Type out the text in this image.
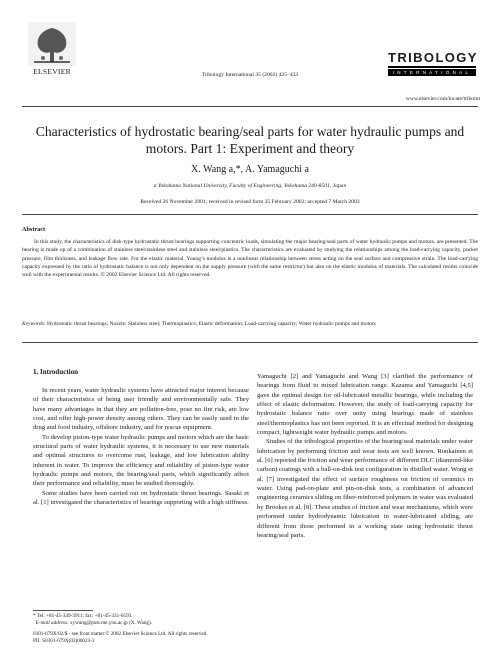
ELSEVIER	Tribology International 35 (2002) 425–433
TRIBOLOGY
INTERNATIONAL
www.elsevier.com/locate/triboint
Characteristics of hydrostatic bearing/seal parts for water hydraulic pumps and motors. Part 1: Experiment and theory
X. Wang a,*, A. Yamaguchi a
a Yokohama National University, Faculty of Engineering, Yokohama 240-8501, Japan
Received 26 November 2001; received in revised form 25 February 2002; accepted 7 March 2002
Abstract
In this study, the characteristics of disk-type hydrostatic thrust bearings supporting concentric loads, simulating the major bearing/seal parts of water hydraulic pumps and motors, are presented. The bearing is made up of a combination of stainless steel/stainless steel and stainless steel/plastics. The characteristics are evaluated by studying the relationships among the load-carrying capacity, pocket pressure, film thickness, and leakage flow rate. For the elastic material, Young’s modulus is a nonlinear relationship between stress acting on the seal surface and compressive strain. The load-carrying capacity expressed by the ratio of hydrostatic balance is not only dependent on the supply pressure (with the same restrictor) but also on the elastic modulus of materials. The calculated results coincide well with the experimental results. © 2002 Elsevier Science Ltd. All rights reserved.
Keywords: Hydrostatic thrust bearings; Nozzle; Stainless steel; Thermoplastics; Elastic deformation; Load-carrying capacity; Water hydraulic pumps and motors
1. Introduction

In recent years, water hydraulic systems have attracted major interest because of their characteristics of being user friendly and environmentally safe. They have many advantages in that they are pollution-free, pose no fire risk, are low cost, and offer high-power density among others. They can be easily used in the drug and food industry, offshore industry, and for rescue equipment.

To develop piston-type water hydraulic pumps and motors which are the basic structural parts of water hydraulic systems, it is necessary to use new materials and optimal structures to overcome rust, leakage, and low lubrication ability inherent in water. To improve the efficiency and reliability of piston-type water hydraulic pumps and motors, the bearing/seal parts, which significantly affect their performance and reliability, must be studied thoroughly.

Some studies have been carried out on hydrostatic thrust bearings. Sasaki et al. [1] investigated the characteristics of bearings supporting with a high stiffness.

Yamaguchi [2] and Yamaguchi and Wang [3] clarified the performance of bearings from fluid to mixed lubrication range. Kazama and Yamaguchi [4,5] gave the optimal design for oil-lubricated metallic bearings, while including the effect of elastic deformation. However, the study of load-carrying capacity for hydrostatic balance ratio over unity using bearings made of stainless steel/thermoplastics has not been reported. It is an effectual method for designing compact, lightweight water hydraulic pumps and motors.

Studies of the tribological properties of the bearing/seal materials under water lubrication by performing friction and wear tests are well known. Ronkainen et al. [6] reported the friction and wear performance of different DLC (diamond-like carbon) coatings with a ball-on-disk test configuration in distilled water. Wong et al. [7] investigated the effect of surface roughness on friction of ceramics in water. Using pad-on-plate and pin-on-disk tests, a combination of advanced engineering ceramics sliding on fiber-reinforced polymers in water was evaluated by Brookes et al. [8]. These studies of friction and wear mechanisms, which were performed under hydrodynamic lubrication in water-lubricated sliding, are different from those performed in a working state using hydrostatic thrust bearing/seal parts.

* Tel: +81-45-339-3911; fax: +81-45-331-6593.
E-mail address: xywang@post.me.ynu.ac.jp (X. Wang).
0301-679X/02/$ - see front matter © 2002 Elsevier Science Ltd. All rights reserved.
PII: S0301-679X(02)00023-3
